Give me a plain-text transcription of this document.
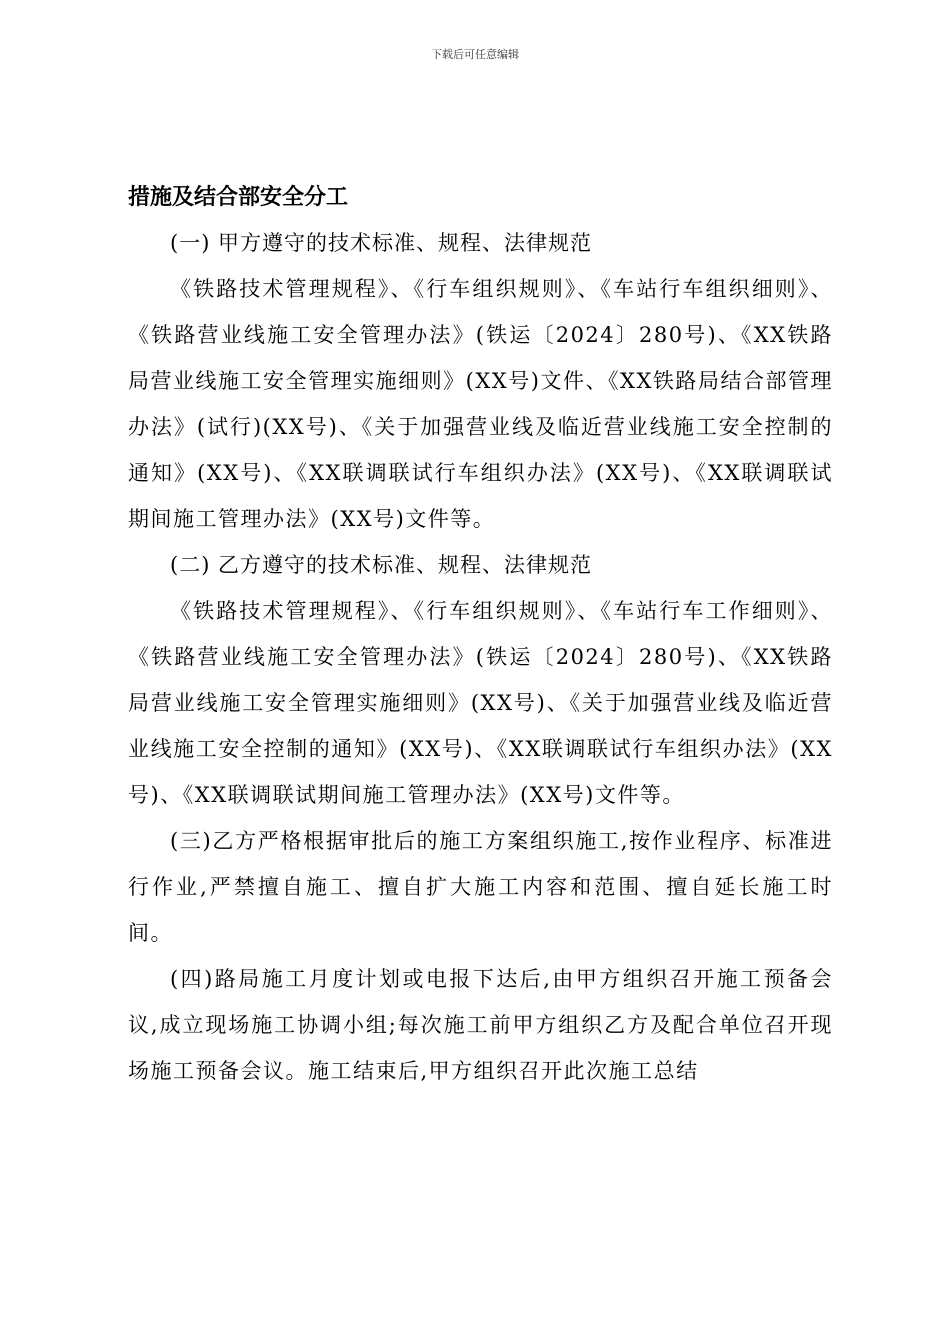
下载后可任意编辑
措施及结合部安全分工

(一) 甲方遵守的技术标准、规程、法律规范

《铁路技术管理规程》、《行车组织规则》、《车站行车组织细则》、《铁路营业线施工安全管理办法》(铁运〔2024〕280号)、《XX铁路局营业线施工安全管理实施细则》(XX号)文件、《XX铁路局结合部管理办法》(试行)(XX号)、《关于加强营业线及临近营业线施工安全控制的通知》(XX号)、《XX联调联试行车组织办法》(XX号)、《XX联调联试期间施工管理办法》(XX号)文件等。

(二) 乙方遵守的技术标准、规程、法律规范

《铁路技术管理规程》、《行车组织规则》、《车站行车工作细则》、《铁路营业线施工安全管理办法》(铁运〔2024〕280号)、《XX铁路局营业线施工安全管理实施细则》(XX号)、《关于加强营业线及临近营业线施工安全控制的通知》(XX号)、《XX联调联试行车组织办法》(XX号)、《XX联调联试期间施工管理办法》(XX号)文件等。

(三)乙方严格根据审批后的施工方案组织施工,按作业程序、标准进行作业,严禁擅自施工、擅自扩大施工内容和范围、擅自延长施工时间。

(四)路局施工月度计划或电报下达后,由甲方组织召开施工预备会议,成立现场施工协调小组;每次施工前甲方组织乙方及配合单位召开现场施工预备会议。施工结束后,甲方组织召开此次施工总结
